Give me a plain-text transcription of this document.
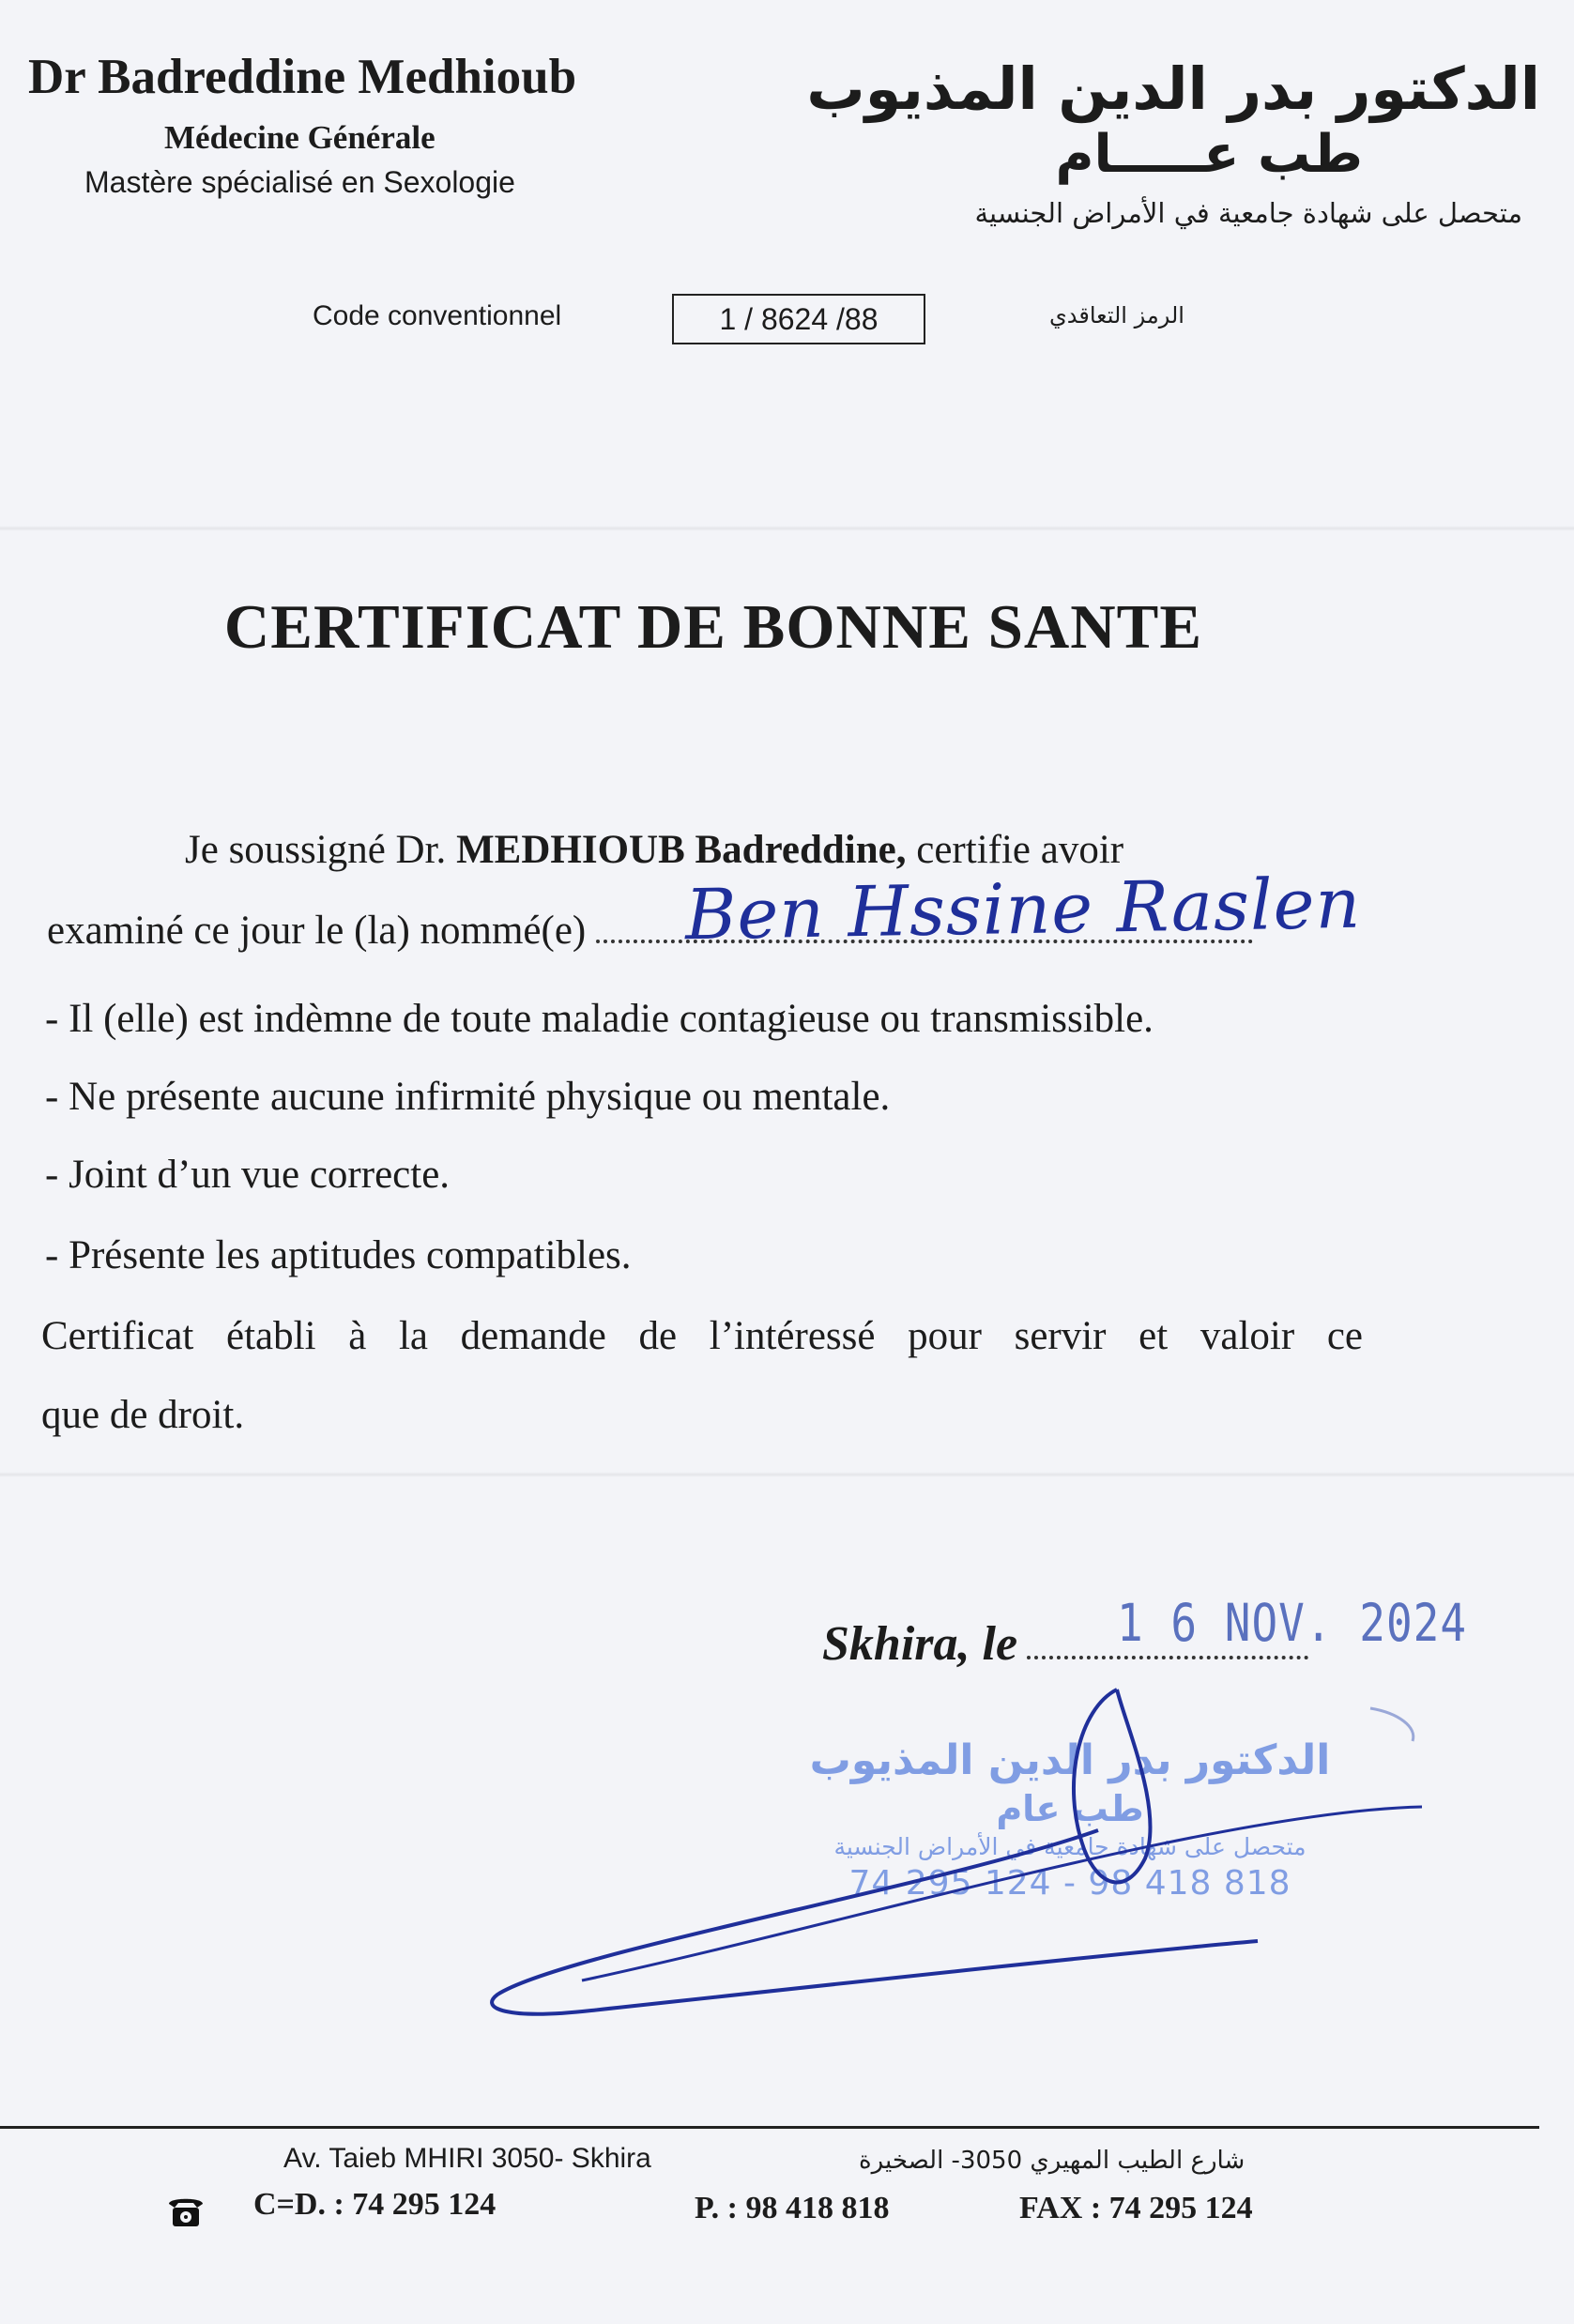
Dr Badreddine Medhioub
Médecine Générale
Mastère spécialisé en Sexologie
الدكتور بدر الدين المذيوب
طب عـــــام
متحصل على شهادة جامعية في الأمراض الجنسية
Code conventionnel	1 / 8624 /88	الرمز التعاقدي
CERTIFICAT DE BONNE SANTE
Je soussigné Dr. MEDHIOUB Badreddine, certifie avoir
examiné ce jour le (la) nommé(e)	Ben Hssine Raslen
- Il (elle) est indèmne de toute maladie contagieuse ou transmissible.
- Ne présente aucune infirmité physique ou mentale.
- Joint d’un vue correcte.
- Présente les aptitudes compatibles.
Certificat établi à la demande de l’intéressé pour servir et valoir ce
que de droit.
Skhira, le	1 6 NOV. 2024
الدكتور بدر الدين المذيوب
طب عام
متحصل على شهادة جامعية في الأمراض الجنسية
74 295 124 - 98 418 818
Av. Taieb MHIRI 3050- Skhira	شارع الطيب المهيري 3050- الصخيرة
C=D. : 74 295 124	P. : 98 418 818	FAX : 74 295 124
